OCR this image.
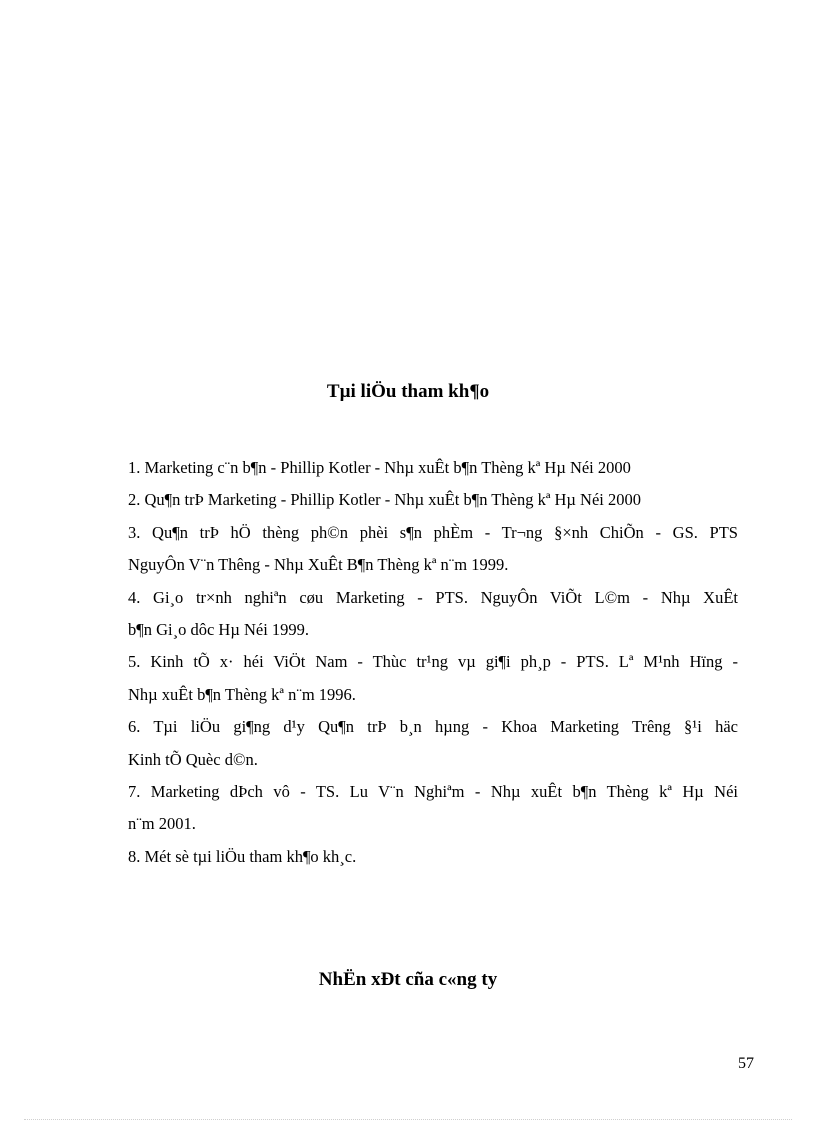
Tµi liÖu tham kh¶o
1. Marketing c¨n b¶n - Phillip Kotler - Nhµ xuÊt b¶n Thèng kª Hµ Néi 2000
2. Qu¶n trÞ Marketing - Phillip Kotler - Nhµ xuÊt b¶n Thèng kª Hµ Néi 2000
3. Qu¶n trÞ hÖ thèng ph©n phèi s¶n phÈm - Tr¬ng §×nh ChiÕn - GS. PTS
NguyÔn V¨n Thêng - Nhµ XuÊt B¶n Thèng kª n¨m 1999.
4. Gi¸o tr×nh nghiªn cøu Marketing - PTS. NguyÔn ViÕt L©m - Nhµ XuÊt
b¶n Gi¸o dôc Hµ Néi 1999.
5. Kinh tÕ x· héi ViÖt Nam - Thùc tr¹ng vµ gi¶i ph¸p - PTS. Lª M¹nh Hïng -
Nhµ xuÊt b¶n Thèng kª n¨m 1996.
6. Tµi liÖu gi¶ng d¹y Qu¶n trÞ b¸n hµng - Khoa Marketing Trêng §¹i häc
Kinh tÕ Quèc d©n.
7. Marketing dÞch vô - TS. Lu V¨n Nghiªm - Nhµ xuÊt b¶n Thèng kª Hµ Néi
n¨m 2001.
8. Mét sè tµi liÖu tham kh¶o kh¸c.
NhËn xÐt cña c«ng ty
57
